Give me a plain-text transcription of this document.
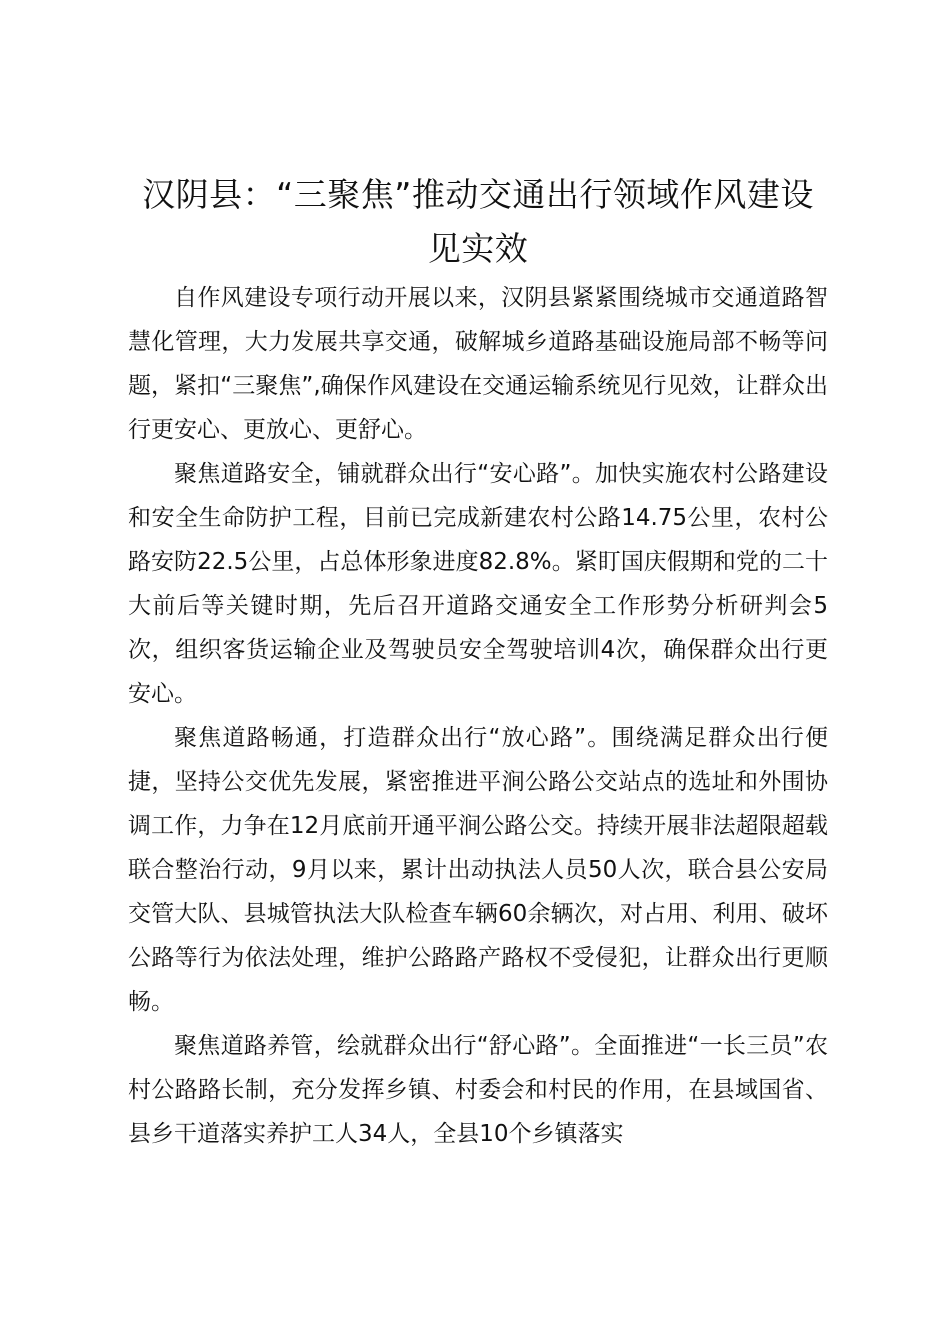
汉阴县：“三聚焦”推动交通出行领域作风建设见实效

自作风建设专项行动开展以来，汉阴县紧紧围绕城市交通道路智慧化管理，大力发展共享交通，破解城乡道路基础设施局部不畅等问题，紧扣“三聚焦”,确保作风建设在交通运输系统见行见效，让群众出行更安心、更放心、更舒心。

聚焦道路安全，铺就群众出行“安心路”。加快实施农村公路建设和安全生命防护工程，目前已完成新建农村公路14.75公里，农村公路安防22.5公里，占总体形象进度82.8%。紧盯国庆假期和党的二十大前后等关键时期，先后召开道路交通安全工作形势分析研判会5次，组织客货运输企业及驾驶员安全驾驶培训4次，确保群众出行更安心。

聚焦道路畅通，打造群众出行“放心路”。围绕满足群众出行便捷，坚持公交优先发展，紧密推进平涧公路公交站点的选址和外围协调工作，力争在12月底前开通平涧公路公交。持续开展非法超限超载联合整治行动，9月以来，累计出动执法人员50人次，联合县公安局交管大队、县城管执法大队检查车辆60余辆次，对占用、利用、破坏公路等行为依法处理，维护公路路产路权不受侵犯，让群众出行更顺畅。

聚焦道路养管，绘就群众出行“舒心路”。全面推进“一长三员”农村公路路长制，充分发挥乡镇、村委会和村民的作用，在县域国省、县乡干道落实养护工人34人，全县10个乡镇落实
